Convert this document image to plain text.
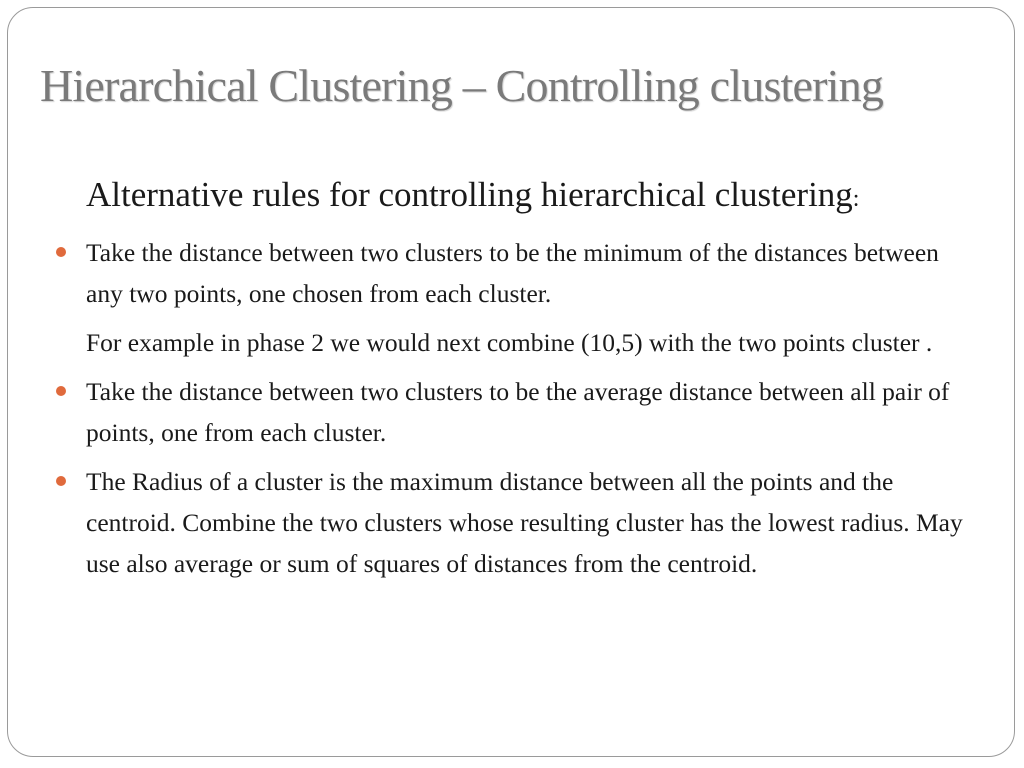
Hierarchical Clustering – Controlling clustering

Alternative rules for controlling hierarchical clustering:

Take the distance between two clusters to be the minimum of the distances between any two points, one chosen from each cluster.

For example in phase 2 we would next combine (10,5) with the two points cluster .

Take the distance between two clusters to be the average distance between all pair of points, one from each cluster.
The Radius of a cluster is the maximum distance between all the points and the centroid. Combine the two clusters whose resulting cluster has the lowest radius. May use also average or sum of squares of distances from the centroid.
